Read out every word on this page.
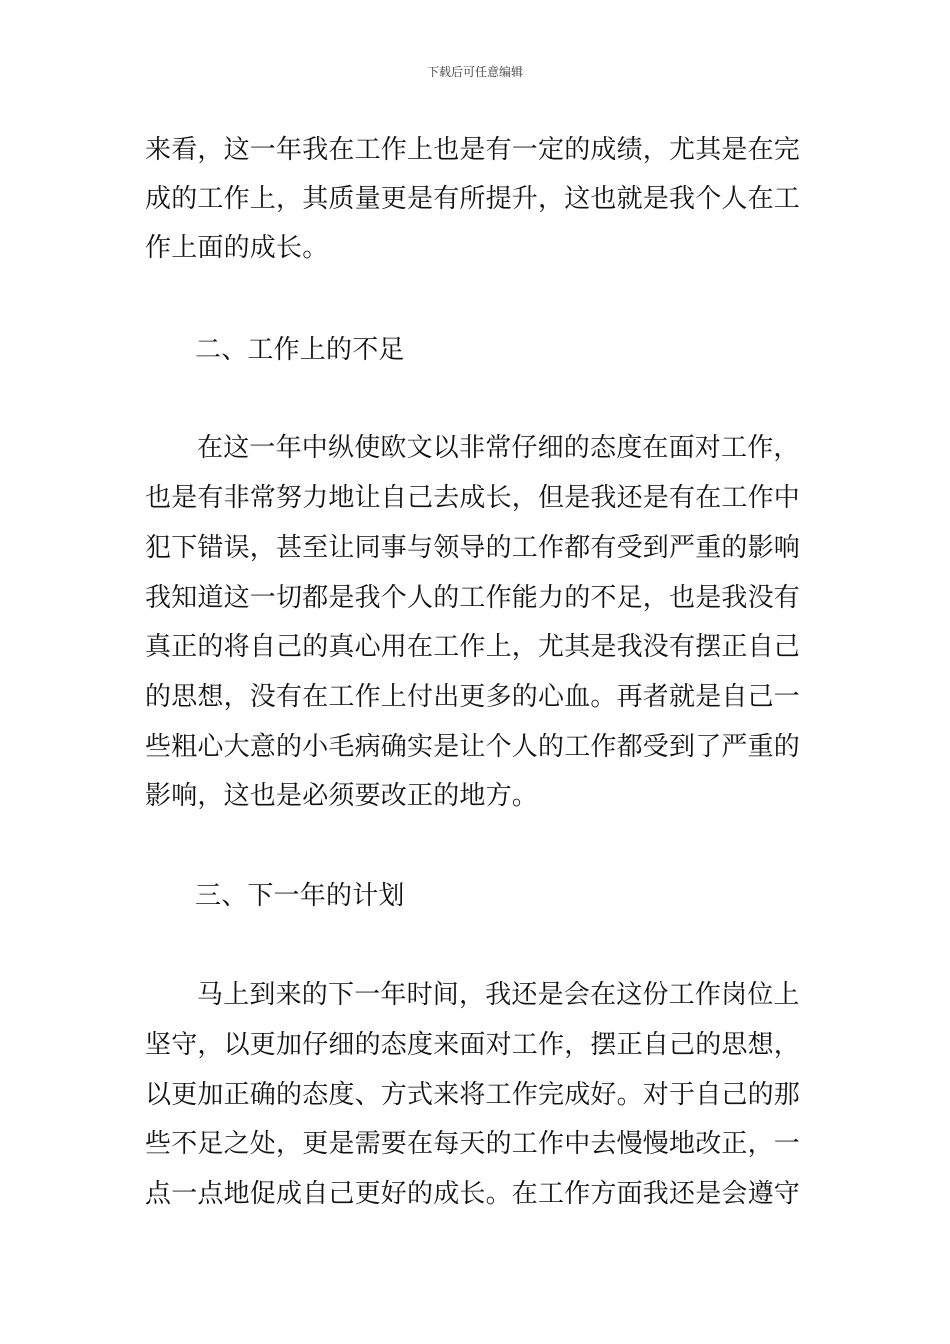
下载后可任意编辑
来看，这一年我在工作上也是有一定的成绩，尤其是在完
成的工作上，其质量更是有所提升，这也就是我个人在工
作上面的成长。
二、工作上的不足
在这一年中纵使欧文以非常仔细的态度在面对工作，
也是有非常努力地让自己去成长，但是我还是有在工作中
犯下错误，甚至让同事与领导的工作都有受到严重的影响
我知道这一切都是我个人的工作能力的不足，也是我没有
真正的将自己的真心用在工作上，尤其是我没有摆正自己
的思想，没有在工作上付出更多的心血。再者就是自己一
些粗心大意的小毛病确实是让个人的工作都受到了严重的
影响，这也是必须要改正的地方。
三、下一年的计划
马上到来的下一年时间，我还是会在这份工作岗位上
坚守，以更加仔细的态度来面对工作，摆正自己的思想，
以更加正确的态度、方式来将工作完成好。对于自己的那
些不足之处，更是需要在每天的工作中去慢慢地改正，一
点一点地促成自己更好的成长。在工作方面我还是会遵守
